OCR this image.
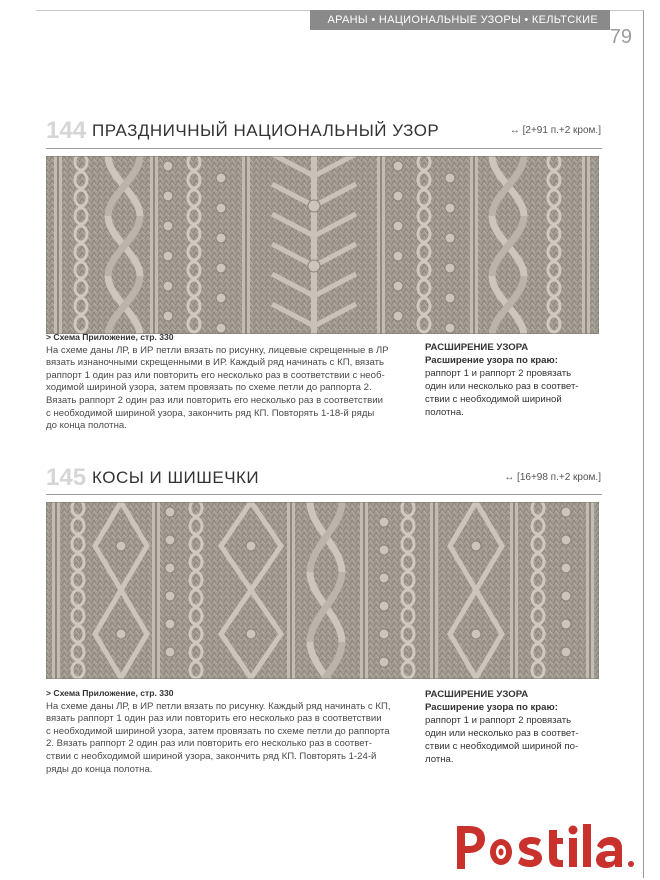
АРАНЫ • НАЦИОНАЛЬНЫЕ УЗОРЫ • КЕЛЬТСКИЕ УЗОРЫ 79
144 ПРАЗДНИЧНЫЙ НАЦИОНАЛЬНЫЙ УЗОР	↔ [2+91 п.+2 кром.]
> Схема Приложение, стр. 330
На схеме даны ЛР, в ИР петли вязать по рисунку, лицевые скрещенные в ЛР
вязать изнаночными скрещенными в ИР. Каждый ряд начинать с КП, вязать
раппорт 1 один раз или повторить его несколько раз в соответствии с необ-
ходимой шириной узора, затем провязать по схеме петли до раппорта 2.
Вязать раппорт 2 один раз или повторить его несколько раз в соответствии
с необходимой шириной узора, закончить ряд КП. Повторять 1-18-й ряды
до конца полотна.
РАСШИРЕНИЕ УЗОРА
Расширение узора по краю:
раппорт 1 и раппорт 2 провязать
один или несколько раз в соответ-
ствии с необходимой шириной
полотна.
145 КОСЫ И ШИШЕЧКИ	↔ [16+98 п.+2 кром.]
> Схема Приложение, стр. 330
На схеме даны ЛР, в ИР петли вязать по рисунку. Каждый ряд начинать с КП,
вязать раппорт 1 один раз или повторить его несколько раз в соответствии
с необходимой шириной узора, затем провязать по схеме петли до раппорта
2. Вязать раппорт 2 один раз или повторить его несколько раз в соответ-
ствии с необходимой шириной узора, закончить ряд КП. Повторять 1-24-й
ряды до конца полотна.
РАСШИРЕНИЕ УЗОРА
Расширение узора по краю:
раппорт 1 и раппорт 2 провязать
один или несколько раз в соответ-
ствии с необходимой шириной по-
лотна.
